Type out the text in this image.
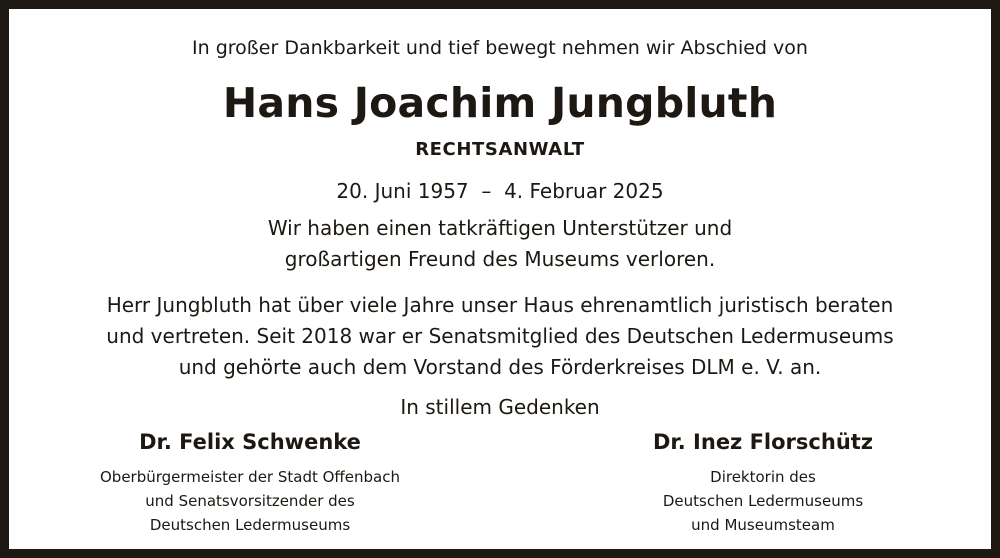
In großer Dankbarkeit und tief bewegt nehmen wir Abschied von
Hans Joachim Jungbluth
RECHTSANWALT
20. Juni 1957  –  4. Februar 2025
Wir haben einen tatkräftigen Unterstützer und
großartigen Freund des Museums verloren.
Herr Jungbluth hat über viele Jahre unser Haus ehrenamtlich juristisch beraten
und vertreten. Seit 2018 war er Senatsmitglied des Deutschen Ledermuseums
und gehörte auch dem Vorstand des Förderkreises DLM e. V. an.
In stillem Gedenken
Dr. Felix Schwenke
Oberbürgermeister der Stadt Offenbach
und Senatsvorsitzender des
Deutschen Ledermuseums
Dr. Inez Florschütz
Direktorin des
Deutschen Ledermuseums
und Museumsteam
